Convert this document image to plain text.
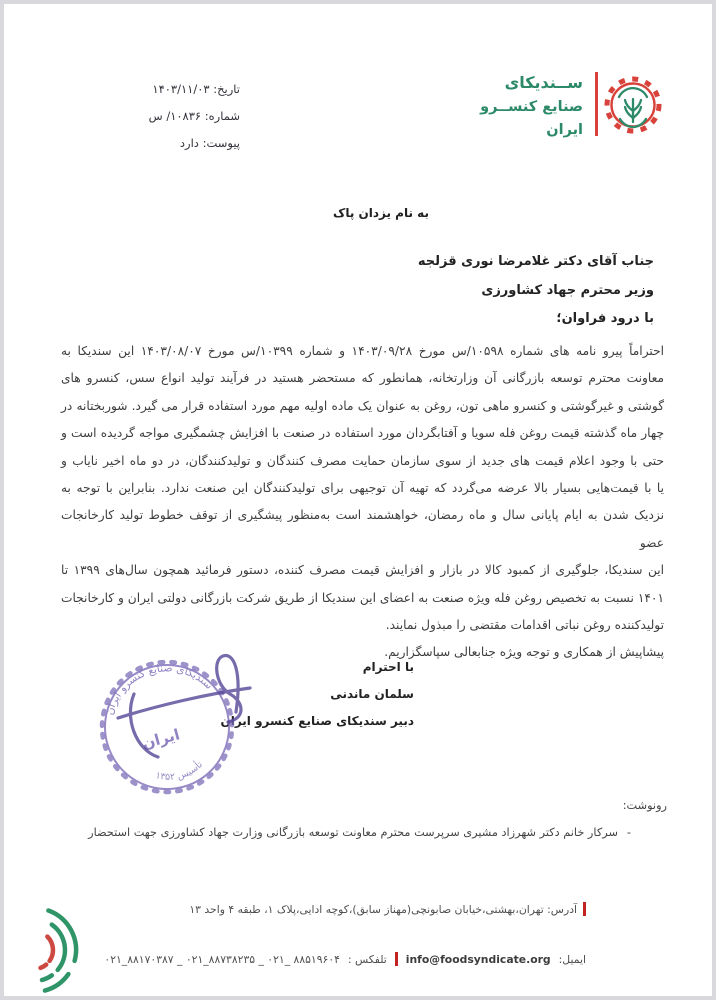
تاریخ: ۱۴۰۳/۱۱/۰۳
شماره: ۱۰۸۳۶/ س
پیوست: دارد
ســندیکای
صنایع کنســرو ایران
به نام یزدان پاک
جناب آقای دکتر غلامرضا نوری قزلجه
وزیر محترم جهاد کشاورزی
با درود فراوان؛
احتراماً پیرو نامه های شماره ۱۰۵۹۸/س مورخ ۱۴۰۳/۰۹/۲۸ و شماره ۱۰۳۹۹/س مورخ ۱۴۰۳/۰۸/۰۷ این سندیکا به
معاونت محترم توسعه بازرگانی آن وزارتخانه، همانطور که مستحضر هستید در فرآیند تولید انواع سس، کنسرو های
گوشتی و غیرگوشتی و کنسرو ماهی تون، روغن به عنوان یک ماده اولیه مهم مورد استفاده قرار می گیرد. شوربختانه در
چهار ماه گذشته قیمت روغن فله سویا و آفتابگردان مورد استفاده در صنعت با افزایش چشمگیری مواجه گردیده است و
حتی با وجود اعلام قیمت های جدید از سوی سازمان حمایت مصرف کنندگان و تولیدکنندگان، در دو ماه اخیر نایاب و
یا با قیمت‌هایی بسیار بالا عرضه می‌گردد که تهیه آن توجیهی برای تولیدکنندگان این صنعت ندارد. بنابراین با توجه به
نزدیک شدن به ایام پایانی سال و ماه رمضان، خواهشمند است به‌منظور پیشگیری از توقف خطوط تولید کارخانجات عضو
این سندیکا، جلوگیری از کمبود کالا در بازار و افزایش قیمت مصرف کننده، دستور فرمائید همچون سال‌های ۱۳۹۹ تا
۱۴۰۱ نسبت به تخصیص روغن فله ویژه صنعت به اعضای این سندیکا از طریق شرکت بازرگانی دولتی ایران و کارخانجات
تولیدکننده روغن نباتی اقدامات مقتضی را مبذول نمایند.
پیشاپیش از همکاری و توجه ویژه جنابعالی سپاسگزاریم.
با احترام
سلمان ماندنی
دبیر سندیکای صنایع کنسرو ایران
سندیکای صنایع کنسرو ایران
ایران
تأسیس ۱۳۵۲
رونوشت:
-
سرکار خانم دکتر شهرزاد مشیری سرپرست محترم معاونت توسعه بازرگانی وزارت جهاد کشاورزی جهت استحضار
آدرس: تهران،بهشتی،خیابان صابونچی(مهناز سابق)،کوچه ادایی،پلاک ۱، طبقه ۴ واحد ۱۳
ایمیل:
info@foodsyndicate.org
تلفکس :
۰۲۱_۸۸۱۷۰۳۸۷ _ ۰۲۱_۸۸۷۳۸۲۳۵ _ ۰۲۱_ ۸۸۵۱۹۶۰۴
